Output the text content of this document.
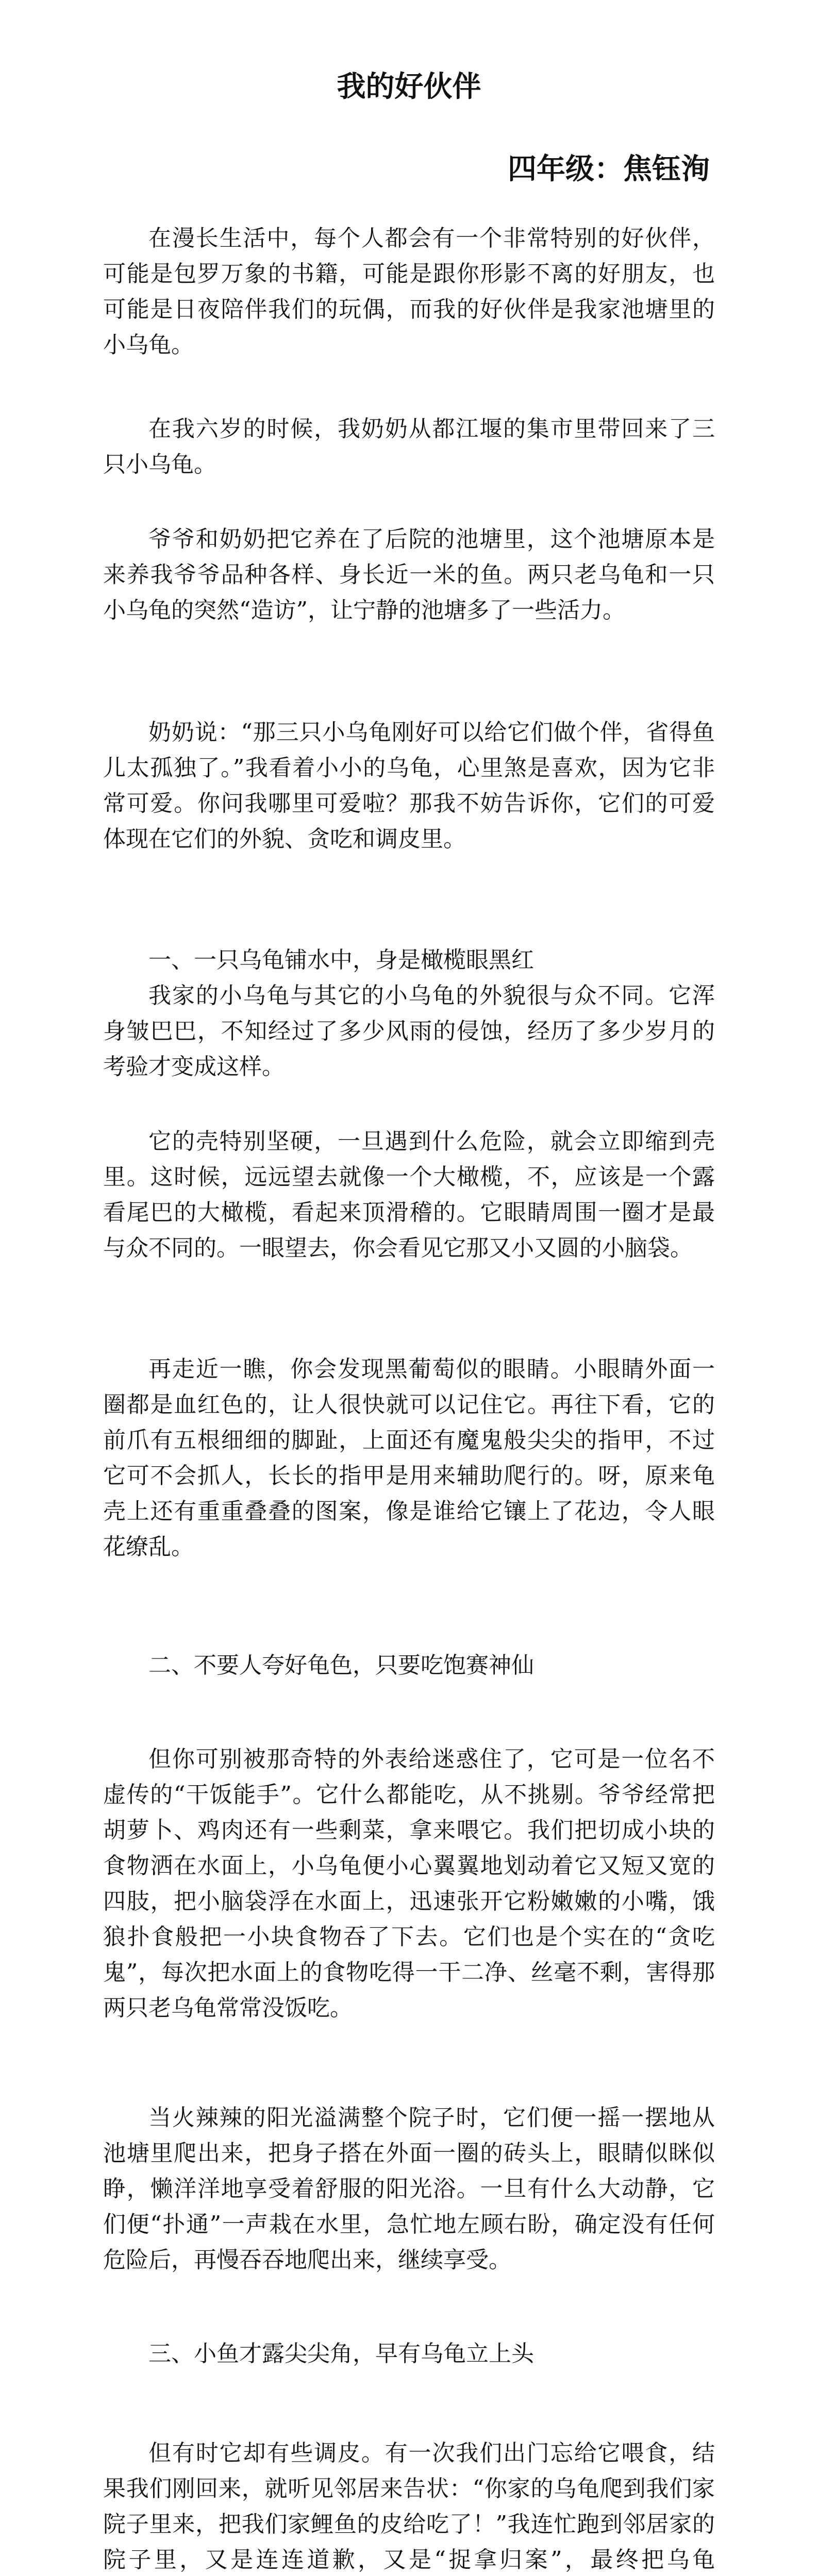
我的好伙伴

四年级：焦钰洵

在漫长生活中，每个人都会有一个非常特别的好伙伴，可能是包罗万象的书籍，可能是跟你形影不离的好朋友，也可能是日夜陪伴我们的玩偶，而我的好伙伴是我家池塘里的小乌龟。

在我六岁的时候，我奶奶从都江堰的集市里带回来了三只小乌龟。

爷爷和奶奶把它养在了后院的池塘里，这个池塘原本是来养我爷爷品种各样、身长近一米的鱼。两只老乌龟和一只小乌龟的突然“造访”，让宁静的池塘多了一些活力。

奶奶说：“那三只小乌龟刚好可以给它们做个伴，省得鱼儿太孤独了。”我看着小小的乌龟，心里煞是喜欢，因为它非常可爱。你问我哪里可爱啦？那我不妨告诉你，它们的可爱体现在它们的外貌、贪吃和调皮里。

一、一只乌龟铺水中，身是橄榄眼黑红

我家的小乌龟与其它的小乌龟的外貌很与众不同。它浑身皱巴巴，不知经过了多少风雨的侵蚀，经历了多少岁月的考验才变成这样。

它的壳特别坚硬，一旦遇到什么危险，就会立即缩到壳里。这时候，远远望去就像一个大橄榄，不，应该是一个露看尾巴的大橄榄，看起来顶滑稽的。它眼睛周围一圈才是最与众不同的。一眼望去，你会看见它那又小又圆的小脑袋。

再走近一瞧，你会发现黑葡萄似的眼睛。小眼睛外面一圈都是血红色的，让人很快就可以记住它。再往下看，它的前爪有五根细细的脚趾，上面还有魔鬼般尖尖的指甲，不过它可不会抓人，长长的指甲是用来辅助爬行的。呀，原来龟壳上还有重重叠叠的图案，像是谁给它镶上了花边，令人眼花缭乱。

二、不要人夸好龟色，只要吃饱赛神仙

但你可别被那奇特的外表给迷惑住了，它可是一位名不虚传的“干饭能手”。它什么都能吃，从不挑剔。爷爷经常把胡萝卜、鸡肉还有一些剩菜，拿来喂它。我们把切成小块的食物洒在水面上，小乌龟便小心翼翼地划动着它又短又宽的四肢，把小脑袋浮在水面上，迅速张开它粉嫩嫩的小嘴，饿狼扑食般把一小块食物吞了下去。它们也是个实在的“贪吃鬼”，每次把水面上的食物吃得一干二净、丝毫不剩，害得那两只老乌龟常常没饭吃。

当火辣辣的阳光溢满整个院子时，它们便一摇一摆地从池塘里爬出来，把身子搭在外面一圈的砖头上，眼睛似眯似睁，懒洋洋地享受着舒服的阳光浴。一旦有什么大动静，它们便“扑通”一声栽在水里，急忙地左顾右盼，确定没有任何危险后，再慢吞吞地爬出来，继续享受。

三、小鱼才露尖尖角，早有乌龟立上头

但有时它却有些调皮。有一次我们出门忘给它喂食，结果我们刚回来，就听见邻居来告状：“你家的乌龟爬到我们家院子里来，把我们家鲤鱼的皮给吃了！”我连忙跑到邻居家的院子里，又是连连道歉，又是“捉拿归案”，最终把乌龟
